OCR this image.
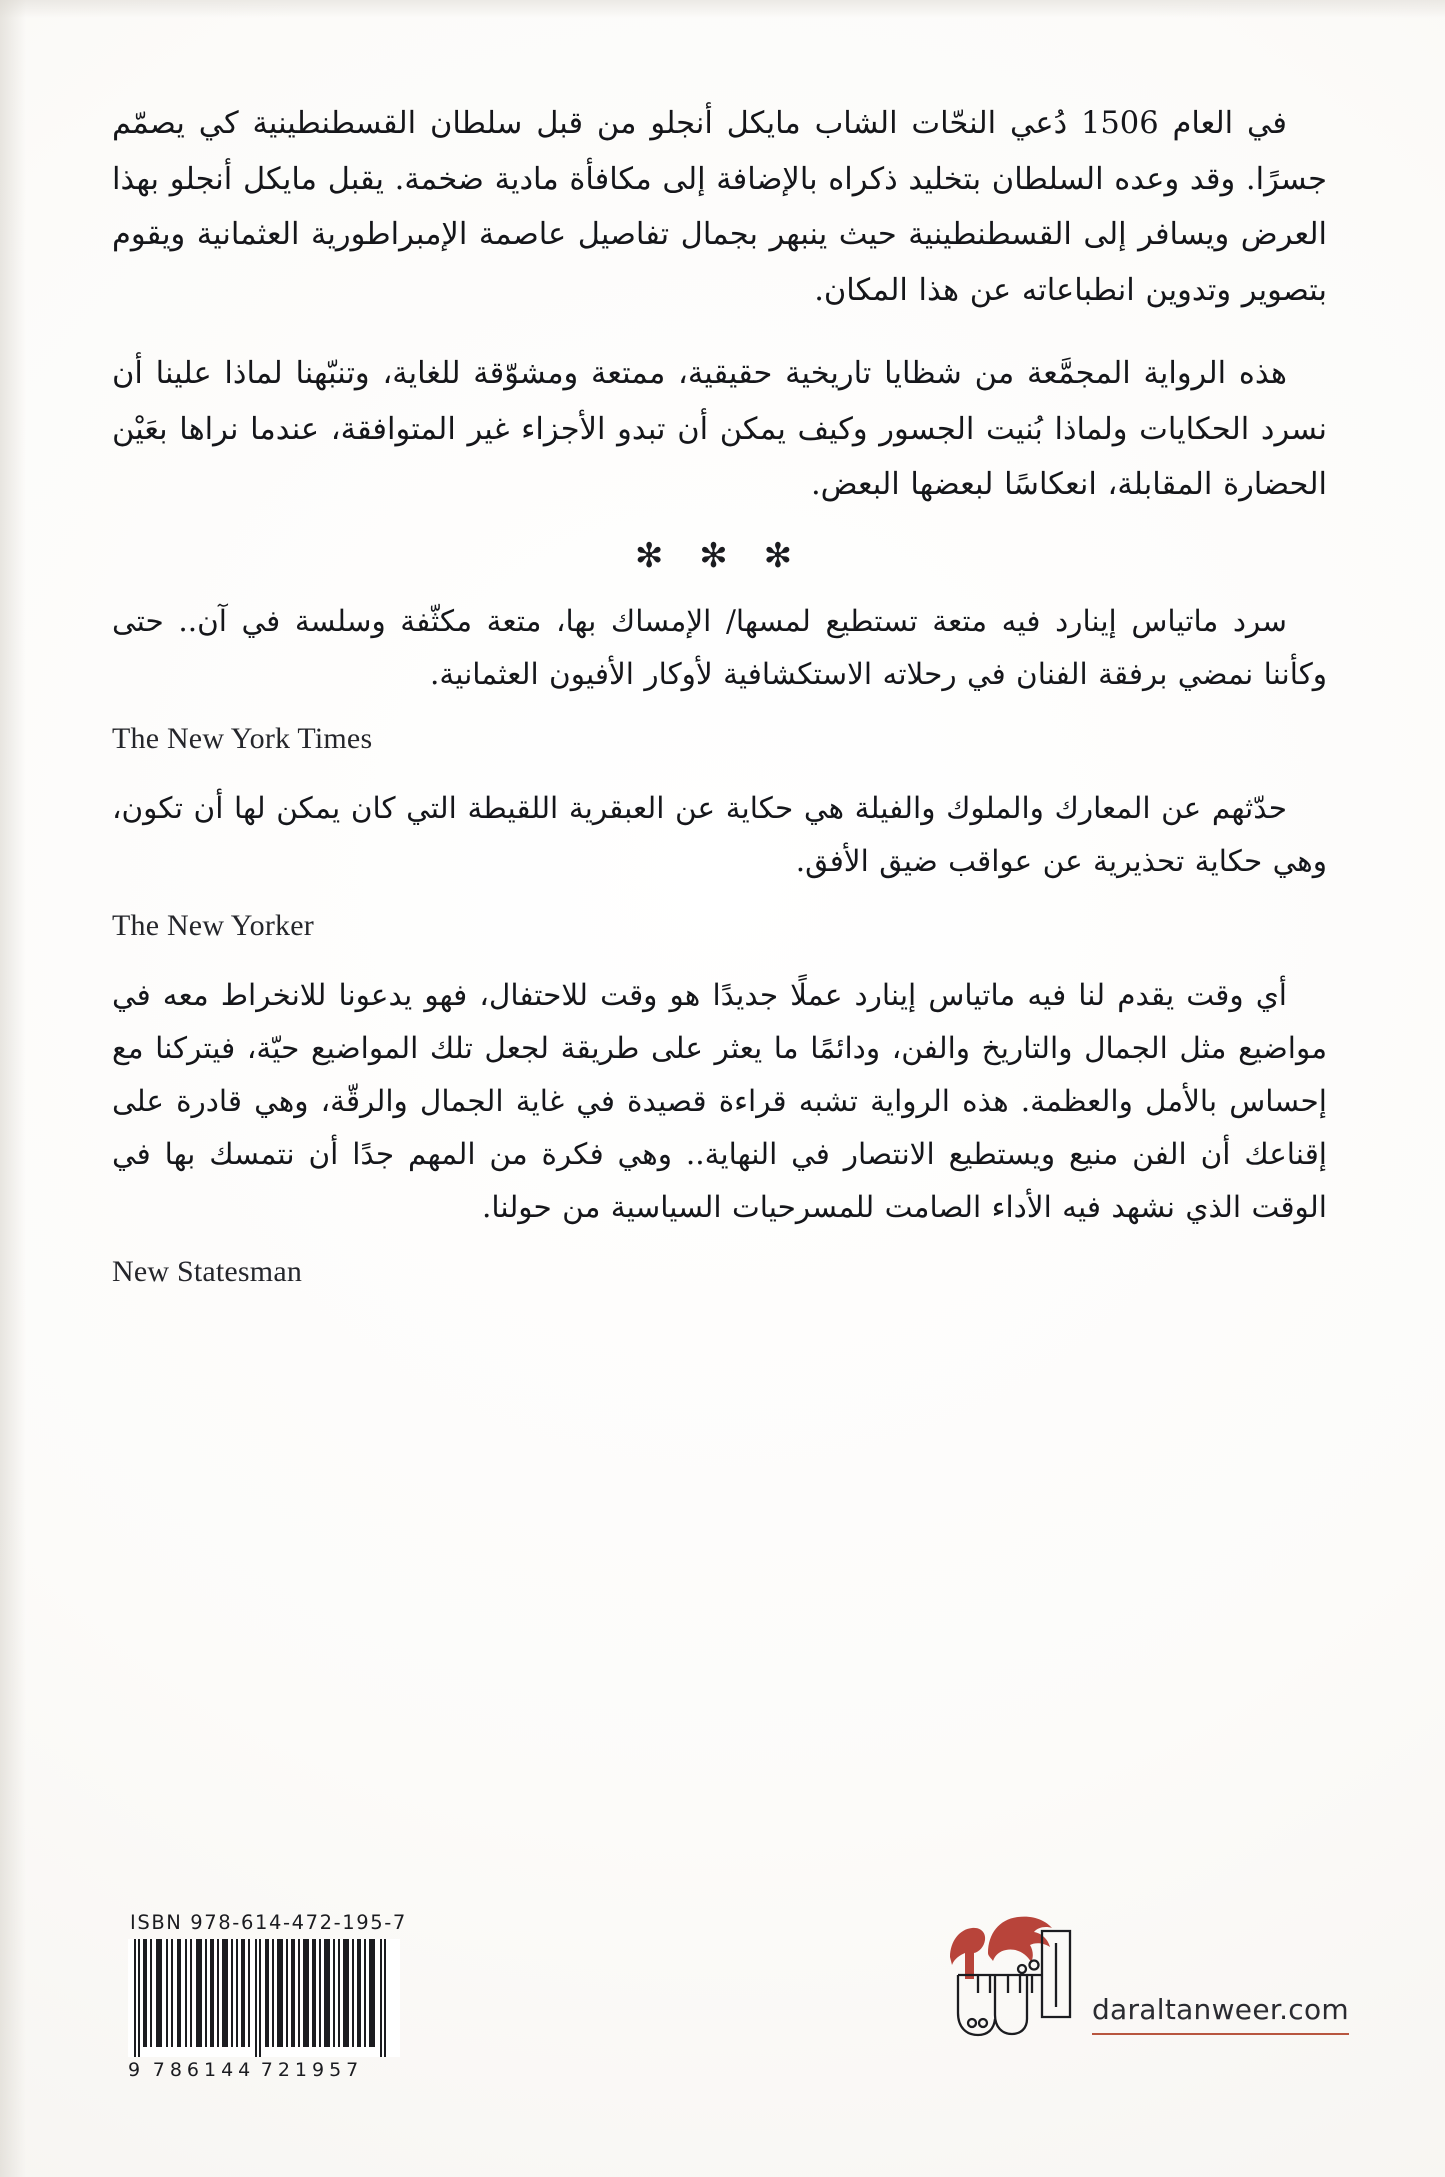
في العام 1506 دُعي النحّات الشاب مايكل أنجلو من قبل سلطان القسطنطينية كي يصمّم جسرًا. وقد وعده السلطان بتخليد ذكراه بالإضافة إلى مكافأة مادية ضخمة. يقبل مايكل أنجلو بهذا العرض ويسافر إلى القسطنطينية حيث ينبهر بجمال تفاصيل عاصمة الإمبراطورية العثمانية ويقوم بتصوير وتدوين انطباعاته عن هذا المكان.

هذه الرواية المجمَّعة من شظايا تاريخية حقيقية، ممتعة ومشوّقة للغاية، وتنبّهنا لماذا علينا أن نسرد الحكايات ولماذا بُنيت الجسور وكيف يمكن أن تبدو الأجزاء غير المتوافقة، عندما نراها بعَيْن الحضارة المقابلة، انعكاسًا لبعضها البعض.

✻ ✻ ✻

سرد ماتياس إينارد فيه متعة تستطيع لمسها/ الإمساك بها، متعة مكثّفة وسلسة في آن.. حتى وكأننا نمضي برفقة الفنان في رحلاته الاستكشافية لأوكار الأفيون العثمانية.

The New York Times

حدّثهم عن المعارك والملوك والفيلة هي حكاية عن العبقرية اللقيطة التي كان يمكن لها أن تكون، وهي حكاية تحذيرية عن عواقب ضيق الأفق.

The New Yorker

أي وقت يقدم لنا فيه ماتياس إينارد عملًا جديدًا هو وقت للاحتفال، فهو يدعونا للانخراط معه في مواضيع مثل الجمال والتاريخ والفن، ودائمًا ما يعثر على طريقة لجعل تلك المواضيع حيّة، فيتركنا مع إحساس بالأمل والعظمة. هذه الرواية تشبه قراءة قصيدة في غاية الجمال والرقّة، وهي قادرة على إقناعك أن الفن منيع ويستطيع الانتصار في النهاية.. وهي فكرة من المهم جدًا أن نتمسك بها في الوقت الذي نشهد فيه الأداء الصامت للمسرحيات السياسية من حولنا.

New Statesman
ISBN 978-614-472-195-7
9 786144 721957
daraltanweer.com
